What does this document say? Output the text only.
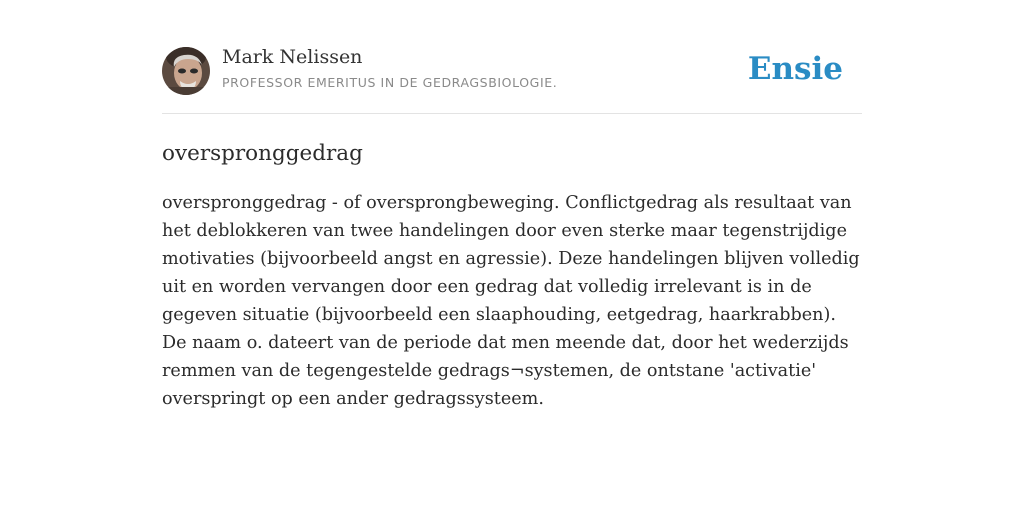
Mark Nelissen
PROFESSOR EMERITUS IN DE GEDRAGSBIOLOGIE.	Ensie
overspronggedrag

overspronggedrag - of oversprongbeweging. Conflictgedrag als resultaat van het deblokkeren van twee handelingen door even sterke maar tegenstrijdige motivaties (bijvoorbeeld angst en agressie). Deze handelingen blijven volledig uit en worden vervangen door een gedrag dat volledig irrelevant is in de gegeven situatie (bijvoorbeeld een slaaphouding, eetgedrag, haarkrabben). De naam o. dateert van de periode dat men meende dat, door het wederzijds remmen van de tegengestelde gedrags¬systemen, de ontstane 'activatie' overspringt op een ander gedragssysteem.
